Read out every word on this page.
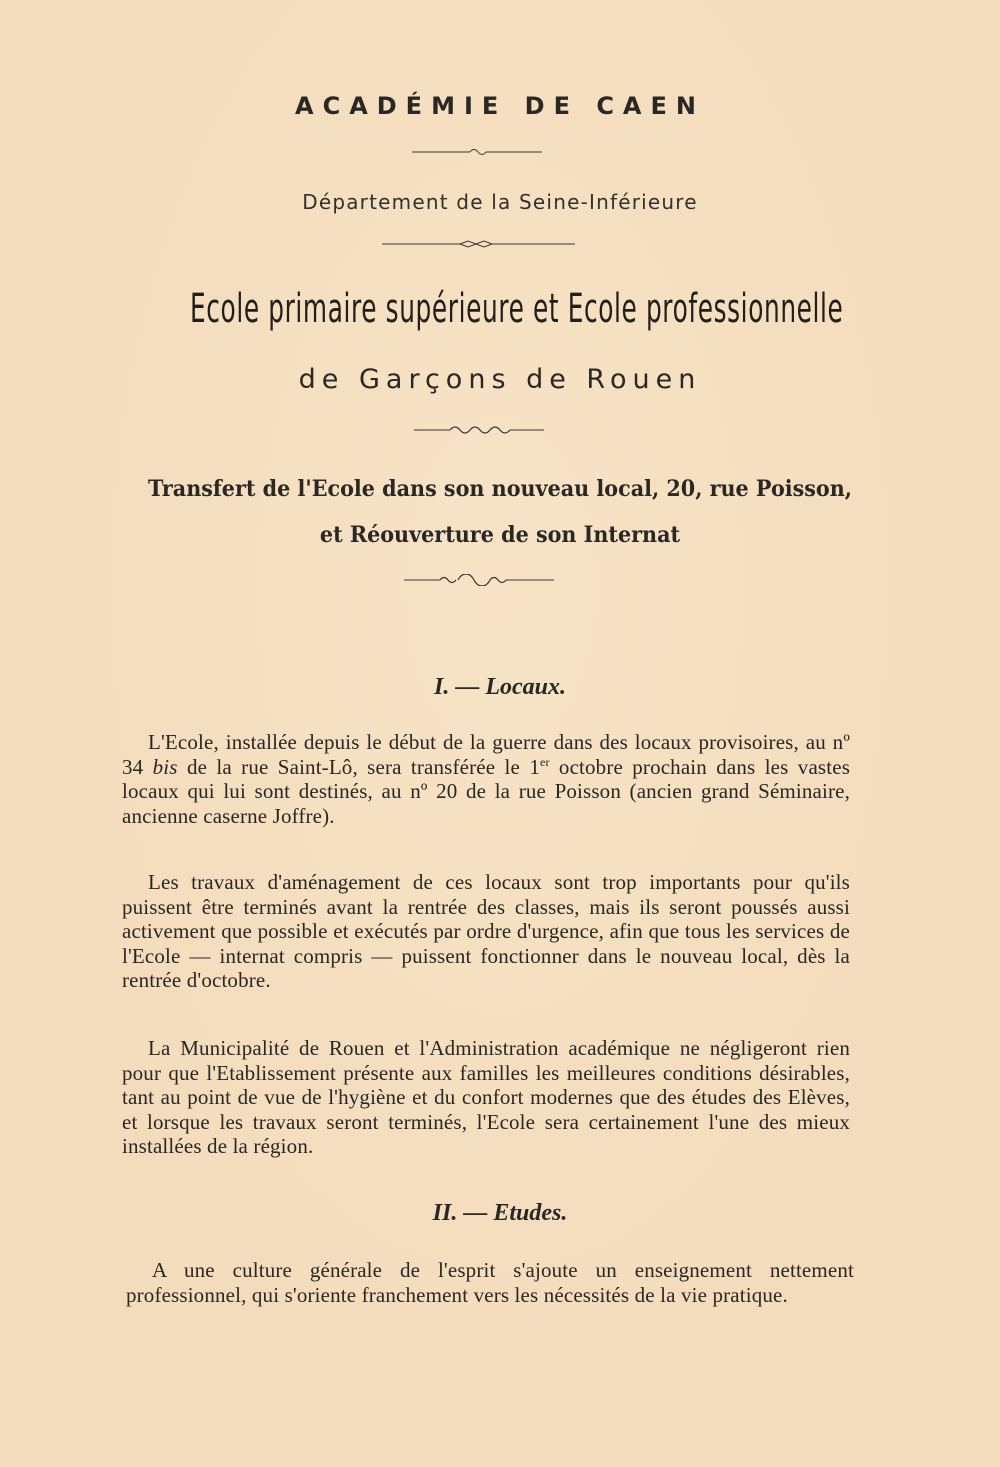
ACADÉMIE DE CAEN
Département de la Seine-Inférieure
Ecole primaire supérieure et Ecole professionnelle
de Garçons de Rouen
Transfert de l'Ecole dans son nouveau local, 20, rue Poisson,
et Réouverture de son Internat
I. — Locaux.

L'Ecole, installée depuis le début de la guerre dans des locaux provisoires, au nº 34 bis de la rue Saint-Lô, sera transférée le 1er octobre prochain dans les vastes locaux qui lui sont destinés, au nº 20 de la rue Poisson (ancien grand Séminaire, ancienne caserne Joffre).

Les travaux d'aménagement de ces locaux sont trop importants pour qu'ils puissent être terminés avant la rentrée des classes, mais ils seront poussés aussi activement que possible et exécutés par ordre d'urgence, afin que tous les services de l'Ecole — internat compris — puissent fonctionner dans le nouveau local, dès la rentrée d'octobre.

La Municipalité de Rouen et l'Administration académique ne négligeront rien pour que l'Etablissement présente aux familles les meilleures conditions désirables, tant au point de vue de l'hygiène et du confort modernes que des études des Elèves, et lorsque les travaux seront terminés, l'Ecole sera certainement l'une des mieux installées de la région.

II. — Etudes.

A une culture générale de l'esprit s'ajoute un enseignement nettement professionnel, qui s'oriente franchement vers les nécessités de la vie pratique.
